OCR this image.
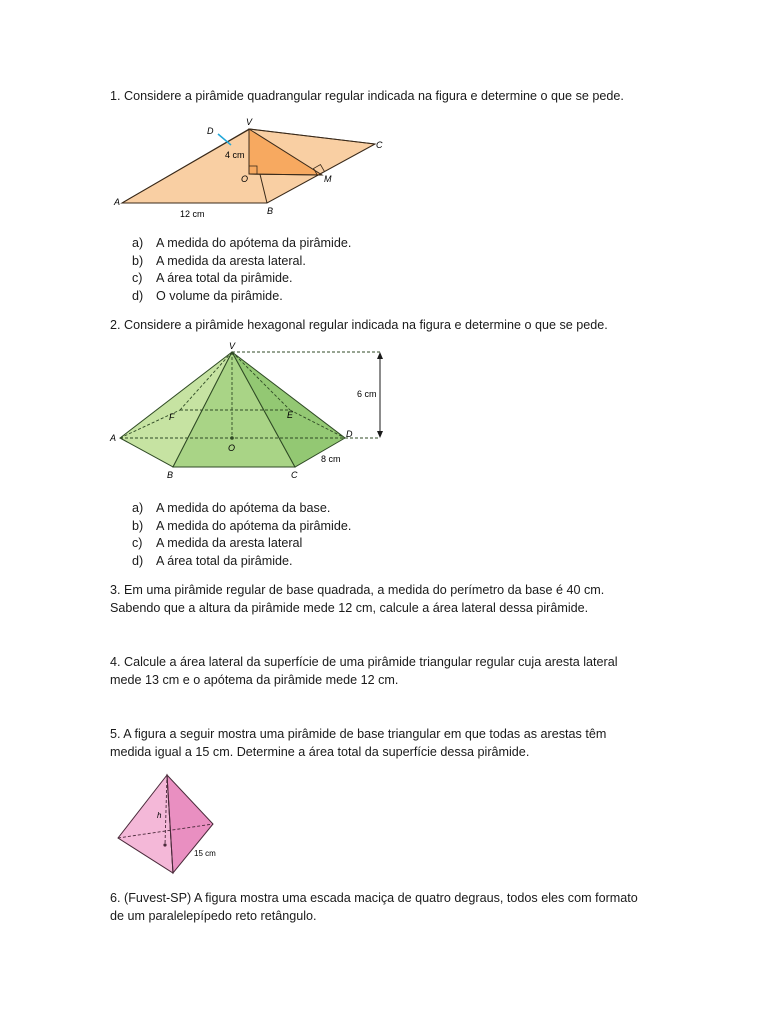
1. Considere a pirâmide quadrangular regular indicada na figura e determine o que se pede.
D
V
C
4 cm
O	M
A
B
12 cm
a)	A medida do apótema da pirâmide.
b)	A medida da aresta lateral.
c)	A área total da pirâmide.
d)	O volume da pirâmide.
2. Considere a pirâmide hexagonal regular indicada na figura e determine o que se pede.
V
F	E
A	D
O
B	C
6 cm
8 cm
a)	A medida do apótema da base.
b)	A medida do apótema da pirâmide.
c)	A medida da aresta lateral
d)	A área total da pirâmide.
3. Em uma pirâmide regular de base quadrada, a medida do perímetro da base é 40 cm.
Sabendo que a altura da pirâmide mede 12 cm, calcule a área lateral dessa pirâmide.
4. Calcule a área lateral da superfície de uma pirâmide triangular regular cuja aresta lateral
mede 13 cm e o apótema da pirâmide mede 12 cm.
5. A figura a seguir mostra uma pirâmide de base triangular em que todas as arestas têm
medida igual a 15 cm. Determine a área total da superfície dessa pirâmide.
h
15 cm
6. (Fuvest-SP) A figura mostra uma escada maciça de quatro degraus, todos eles com formato
de um paralelepípedo reto retângulo.
